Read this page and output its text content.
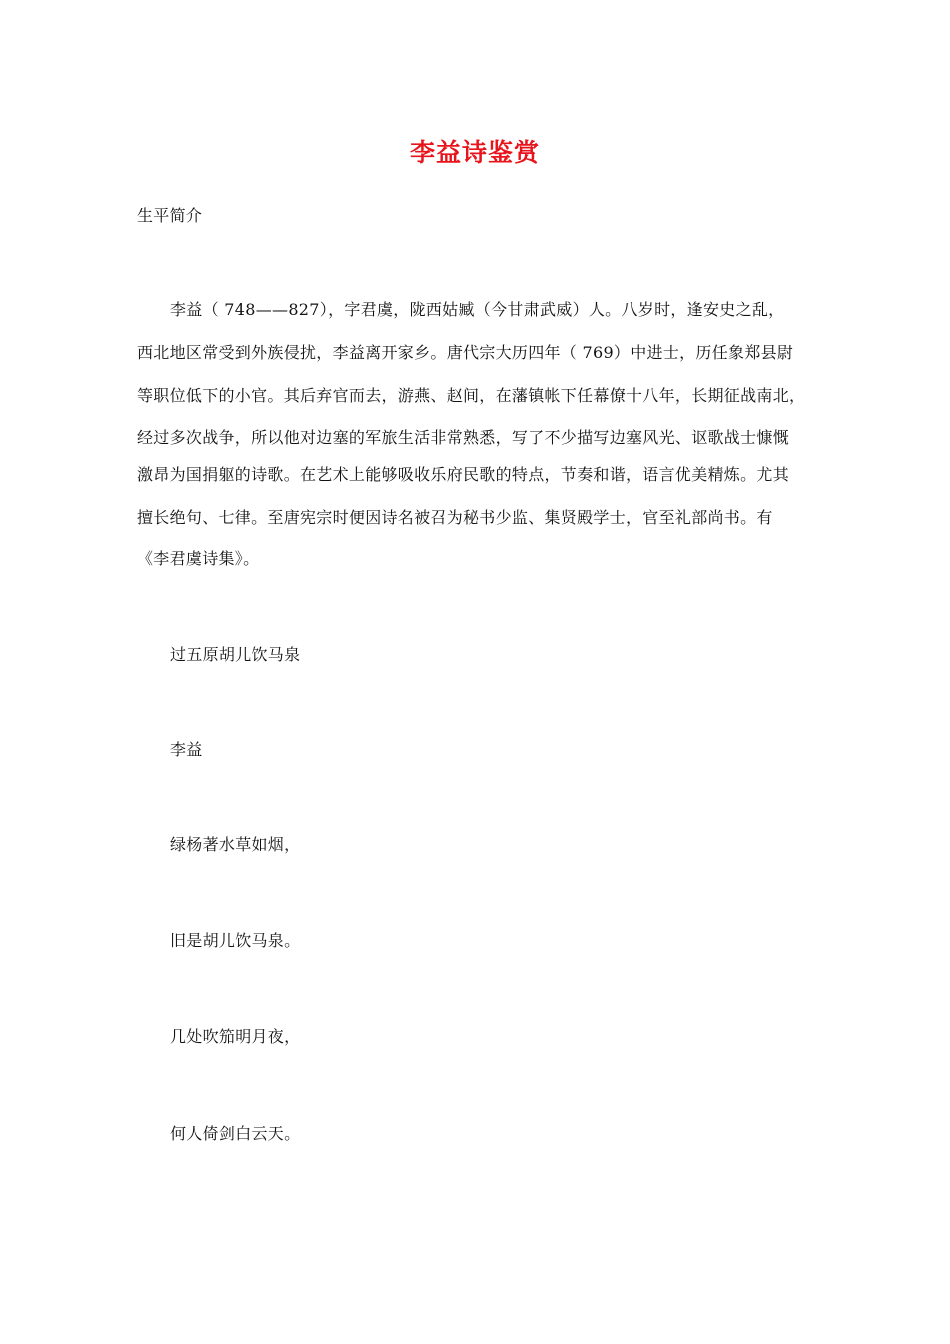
李益诗鉴赏
生平简介
李益（ 748——827），字君虞，陇西姑臧（今甘肃武威）人。八岁时，逢安史之乱，
西北地区常受到外族侵扰，李益离开家乡。唐代宗大历四年（ 769）中进士，历任象郑县尉
等职位低下的小官。其后弃官而去，游燕、赵间，在藩镇帐下任幕僚十八年，长期征战南北，
经过多次战争，所以他对边塞的军旅生活非常熟悉，写了不少描写边塞风光、讴歌战士慷慨
激昂为国捐躯的诗歌。在艺术上能够吸收乐府民歌的特点，节奏和谐，语言优美精炼。尤其
擅长绝句、七律。至唐宪宗时便因诗名被召为秘书少监、集贤殿学士，官至礼部尚书。有
《李君虞诗集》。
过五原胡儿饮马泉
李益
绿杨著水草如烟，
旧是胡儿饮马泉。
几处吹笳明月夜，
何人倚剑白云天。
